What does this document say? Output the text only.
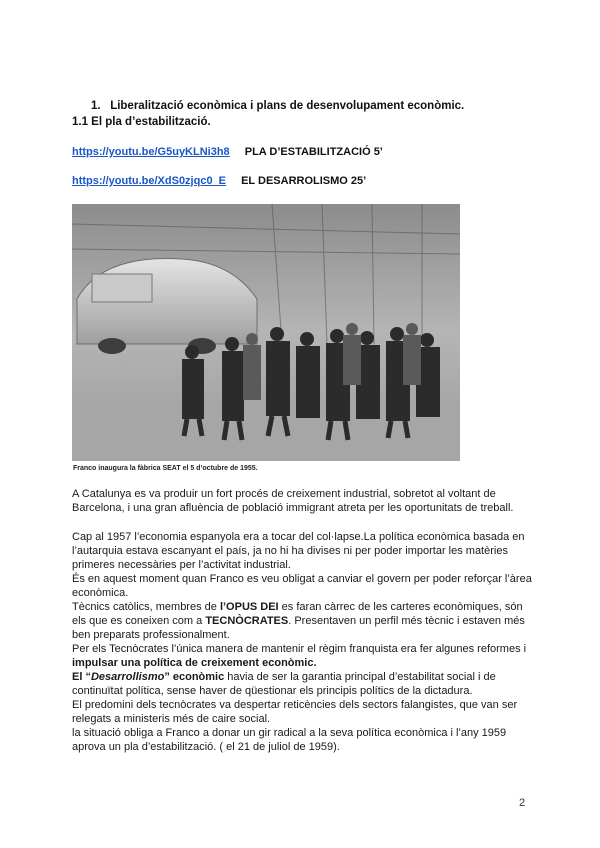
1. Liberalització econòmica i plans de desenvolupament econòmic.
1.1 El pla d’estabilització.
https://youtu.be/G5uyKLNi3h8 PLA D’ESTABILITZACIÓ 5’
https://youtu.be/XdS0zjqc0_E EL DESARROLISMO 25’
Franco inaugura la fàbrica SEAT el 5 d’octubre de 1955.

A Catalunya es va produir un fort procés de creixement industrial, sobretot al voltant de Barcelona, i una gran afluència de població immigrant atreta per les oportunitats de treball.

Cap al 1957 l’economia espanyola era a tocar del col·lapse.La política econòmica basada en l’autarquia estava escanyant el país, ja no hi ha divises ni per poder importar les matèries primeres necessàries per l’activitat industrial.

És en aquest moment quan Franco es veu obligat a canviar el govern per poder reforçar l’àrea econòmica.

Tècnics catòlics, membres de l’OPUS DEI es faran càrrec de les carteres econòmiques, són els que es coneixen com a TECNÒCRATES. Presentaven un perfil més tècnic i estaven més ben preparats professionalment.

Per els Tecnòcrates l’única manera de mantenir el règim franquista era fer algunes reformes i impulsar una política de creixement econòmic.

El “Desarrollismo” econòmic havia de ser la garantia principal d’estabilitat social i de continuïtat política, sense haver de qüestionar els principis polítics de la dictadura.

El predomini dels tecnòcrates va despertar reticències dels sectors falangistes, que van ser relegats a ministeris més de caire social.

la situació obliga a Franco a donar un gir radical a la seva política econòmica i l’any 1959 aprova un pla d’estabilització. ( el 21 de juliol de 1959).

2
